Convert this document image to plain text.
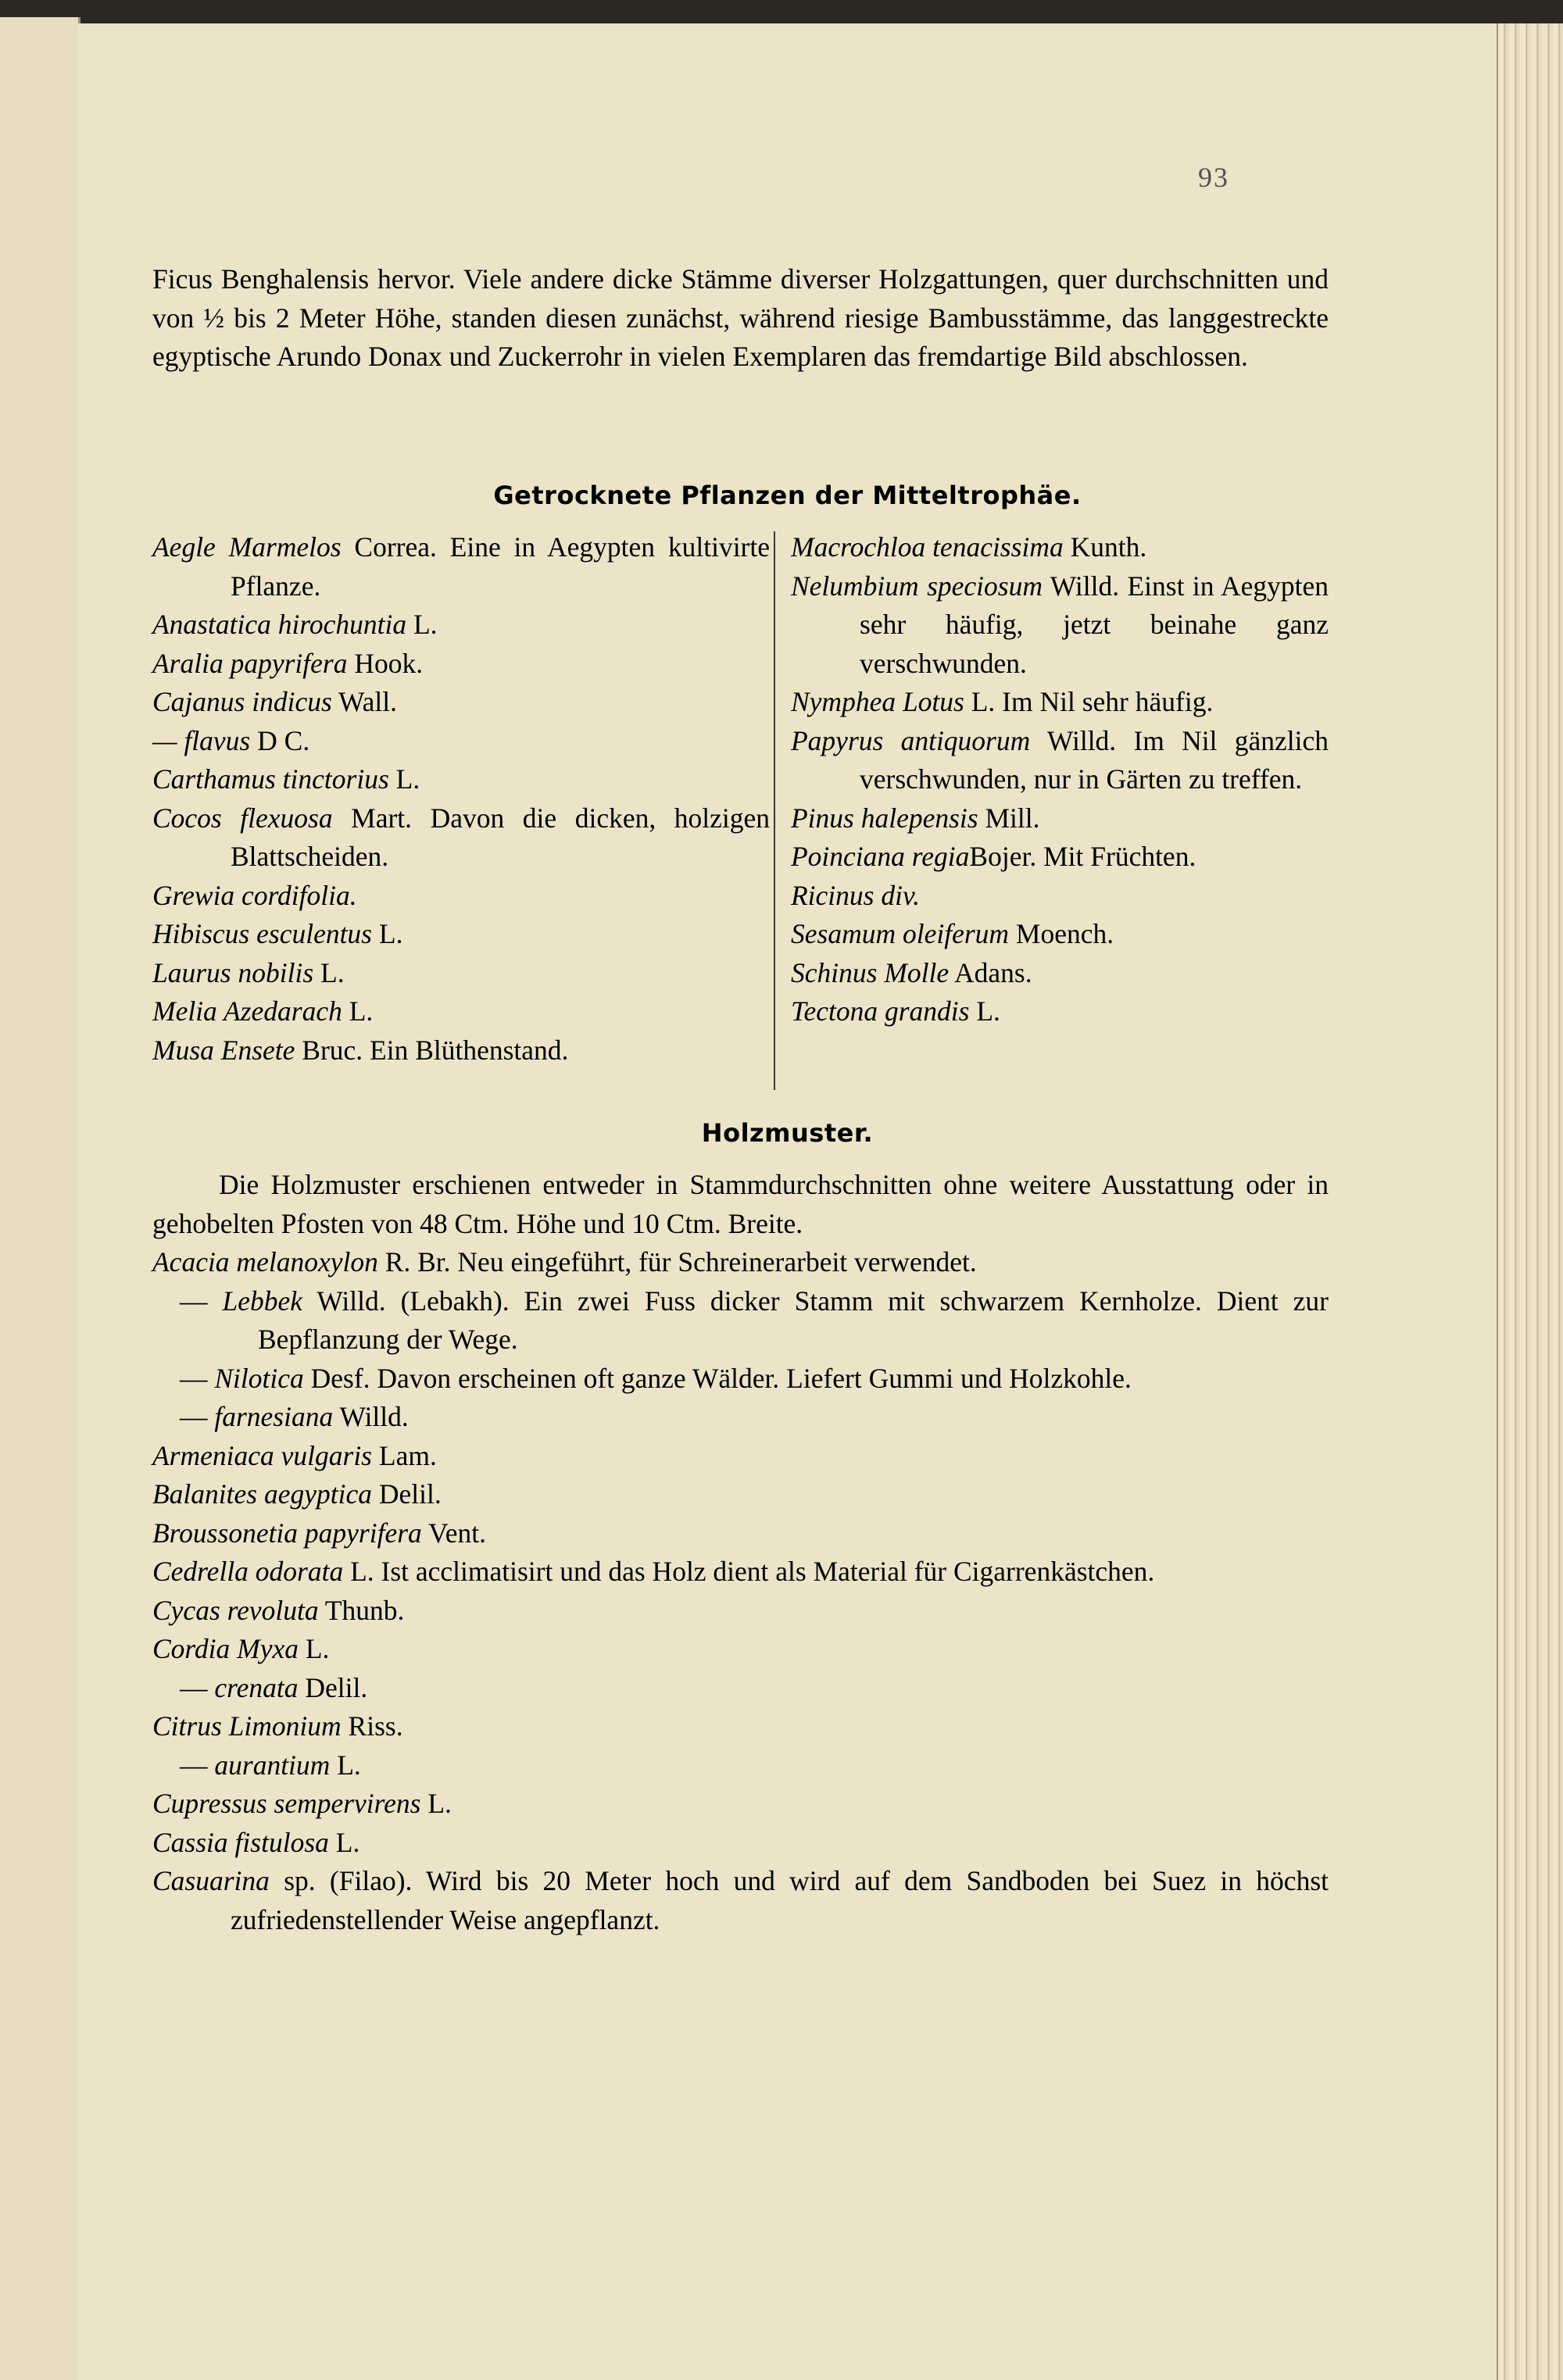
93

Ficus Benghalensis hervor. Viele andere dicke Stämme diverser Holzgattungen, quer durchschnitten und von ½ bis 2 Meter Höhe, standen diesen zunächst, während riesige Bambusstämme, das langgestreckte egyptische Arundo Donax und Zuckerrohr in vielen Exemplaren das fremdartige Bild abschlossen.

Getrocknete Pflanzen der Mitteltrophäe.
Aegle Marmelos Correa. Eine in Aegypten kultivirte Pflanze.
Anastatica hirochuntia L.
Aralia papyrifera Hook.
Cajanus indicus Wall.
— flavus D C.
Carthamus tinctorius L.
Cocos flexuosa Mart. Davon die dicken, holzigen Blattscheiden.
Grewia cordifolia.
Hibiscus esculentus L.
Laurus nobilis L.
Melia Azedarach L.
Musa Ensete Bruc. Ein Blüthenstand.
Macrochloa tenacissima Kunth.
Nelumbium speciosum Willd. Einst in Aegypten sehr häufig, jetzt beinahe ganz verschwunden.
Nymphea Lotus L. Im Nil sehr häufig.
Papyrus antiquorum Willd. Im Nil gänzlich verschwunden, nur in Gärten zu treffen.
Pinus halepensis Mill.
Poinciana regiaBojer. Mit Früchten.
Ricinus div.
Sesamum oleiferum Moench.
Schinus Molle Adans.
Tectona grandis L.
Holzmuster.
Die Holzmuster erschienen entweder in Stammdurchschnitten ohne weitere Ausstattung oder in gehobelten Pfosten von 48 Ctm. Höhe und 10 Ctm. Breite.
Acacia melanoxylon R. Br. Neu eingeführt, für Schreinerarbeit verwendet.
— Lebbek Willd. (Lebakh). Ein zwei Fuss dicker Stamm mit schwarzem Kernholze. Dient zur Bepflanzung der Wege.
— Nilotica Desf. Davon erscheinen oft ganze Wälder. Liefert Gummi und Holzkohle.
— farnesiana Willd.
Armeniaca vulgaris Lam.
Balanites aegyptica Delil.
Broussonetia papyrifera Vent.
Cedrella odorata L. Ist acclimatisirt und das Holz dient als Material für Cigarrenkästchen.
Cycas revoluta Thunb.
Cordia Myxa L.
— crenata Delil.
Citrus Limonium Riss.
— aurantium L.
Cupressus sempervirens L.
Cassia fistulosa L.
Casuarina sp. (Filao). Wird bis 20 Meter hoch und wird auf dem Sandboden bei Suez in höchst zufriedenstellender Weise angepflanzt.
